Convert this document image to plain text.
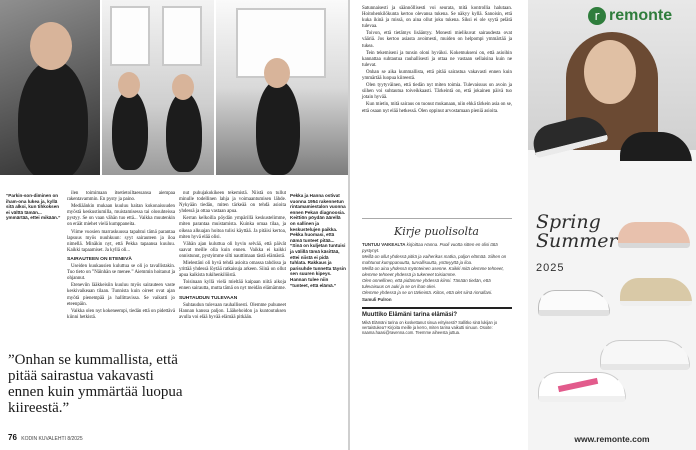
“Parkin-son-diminen on iham-ona lukea ja, kyllä sitä alkoi, kun tihkoksen ei välttä tämän... ymmärtää, ettei mikään.”

ilen toimimaan itsetietoiltaessansa aiempaa rakentavammin. En pysty ja paino.

Mediäänkin mukaan kuuluu haitan kokonaisuuden myöstä keskustiumilla, muistamisessa tai olosuhteissa pystyy. Se on vaan vähän tuo että... Vaikka muutenkin on eräät miehet vielä kumppaneita.

Viime vuosien marraskuussa tapahtui tämä parantaa lapsuus myös nuuhkuun: syyt sairauteen ja iloa nimellä. Minäkin nyt, että Pekka tapaansa kuuluu. Kaikki tapaamiset. Ja kyllä oli...

SAIRAUTEEN ON ETENEVÄ

Useiden kuukausien kuluttua se oli jo tavallistakin. Tuo tieto on ”Näinhän se menee.” Aiemmin hoitanut ja ohjannut.

Eteneviin lääkkeisiin kuuluu myös sairauteen vaste keskivaikeaan tilaan. Tunnista kuin oireet ovat ajan myötä pienempää ja hallittavissa. Se vaikutti jo eteenpäin.

Vaikka olen nyt kokeneempi, tiedän että on pidettävä kiinni hetkistä.

nut puhujakokikeen tekemistä. Niistä on tullut minulle todellinen lahja ja voimaantumisen lähde. Nykyään tiedän, miten tärkeää on tehdä asioita yhdessä ja ottaa vastaan apua.

Kerran kelkoilla pöydän ympärillä keskustelimme, miten parantaa muistamista. Kuinka omaa tilaa, ja oikeaa alkuajan hoitoa tulisi käyttää. Ja pitäisi kertoa, miten hyvä elää olisi.

Vähän ajan kuluttua oli hyvin selvää, että päivät saavat meille olla kuin ennen. Vaikka ei kaikki onnistunut, pystyimme silti nauttimaan tästä elämästä.

Mielestäni oli hyvä tehdä asioita omassa tahdissa ja yrittää yhdessä löytää ratkaisuja arkeen. Siinä on ollut apua kaikista tukihenkilöistä.

Toisinaan kyllä vielä mieltää kaipaan niitä aikoja ennen sairautta, mutta tämä on nyt meidän elämämme.

SUHTAUDUN TULEVAAN

Suhtaudun tulevaan rauhallisesti. Olemme puhuneet Hannan kanssa paljon. Lääkehoidon ja kuntoutuksen avulla voi elää hyvää elämää pitkään.

Pekka ja Hanna ostivat vuonna 1954 rakennetun rintamamiestalon vuonna ennen Pekan diagnoosia. Keittiön pöydän äärellä on sallinen ja keskustelujen paikka. Pekka huomasi, että nämä tunteet pitää... ”Sinä on kuljetan tuntuisi ja välillä tämä käsittää, ettei niistä ei pidä tuhlata. Rakkaus ja parisuhde tunnetta täysin sen suuren kipeys. Hannan tulee niin ”tunteet, että elämä.”
”Onhan se kummallista, että pitää sairastua vakavasti ennen kuin ymmärtää luopua kiireestä.”
76 KODIN KUVALEHTI 8/2025

Satunnaisesti ja säännöllisesti voi seurata, mitä kontrollia halutaan. Hoitohenkilökunta kertoo olevansa tukena. Se näkyy kyllä. Sanoisin, että kuka ikinä ja missä, on aina ollut joku tukena. Siksi ei ole syytä pelätä tulevaa.

Toivon, että tietämys lisääntyy. Monesti mielikuvat sairaudesta ovat vääriä. Jos kertoo asiasta avoimesti, muiden on helpompi ymmärtää ja tukea.

Tein tekemiseni ja tunsin oloni hyväksi. Kokemukseni on, että asioihin kannattaa suhtautua rauhallisesti ja ottaa ne vastaan sellaisina kuin ne tulevat.

Onhan se aika kummallista, että pitää sairastua vakavasti ennen kuin ymmärtää luopua kiireestä.

Olen tyytyväinen, että tiedän nyt miten toimia. Tulevaisuus on avoin ja siihen voi suhtautua toiveikkaasti. Tärkeintä on, että jokainen päivä tuo jotain hyvää.

Kun mietin, mitä sairaus on tuonut mukanaan, niin ehkä tärkein asia on se, että osaan nyt elää hetkessä. Olen oppinut arvostamaan pieniä asioita.

Kirje puolisolta

TUNTUU VAIKEALTA kirjoittaa Hanna. Puoli vuotta sitten en olisi tätä pystynyt.

Meillä on ollut yhdessä pitkä ja vaiherikas matka, paljon elämää. Siihen on mahtunut kumppanuutta, turvallisuutta, ystävyyttä ja iloa.

Meillä on aina yhdessä myönteinen asenne. Kaikki mitä olemme tehneet, olemme tehneet yhdessä ja tukeneet toisiamme.

Olen onnellinen, että pidämme yhdessä kiinni. Tänään tiedän, että tulevaisuus on auki ja se on ihan okei.

Olemme yhdessä ja se on tärkeintä. Kiitos, että olet siinä rinnallani.

Samuli Pulron

Muuttiko Elämäni tarina elämäsi?
Mikä Elämäni tarina on koskettanut sinua erityisesti? Sallitko sinä lukijan jo vertaistukea? Kirjoita meille ja kerro, miten tarina vaikutti sinuun. Osoite: naama.haasi@ravenna.com. Teemme aiheesta juttua.
r remonte
Spring Summer
2025
www.remonte.com
